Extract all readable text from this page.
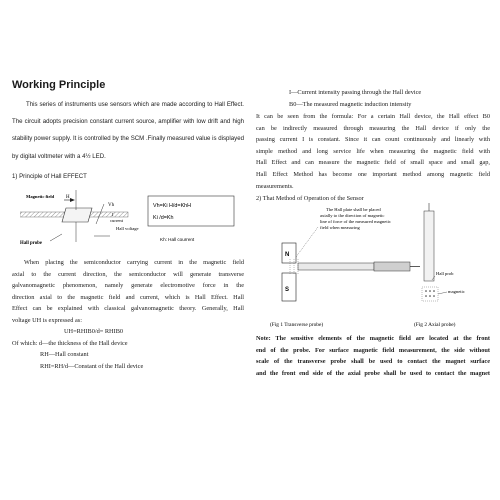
Working Principle

This series of instruments use sensors which are made according to Hall Effect.

The circuit adopts precision constant current source, amplifier with low drift and high

stability power supply. It is controlled by the SCM .Finally measured value is displayed

by digital voltmeter with a 4½ LED.

1) Principle of Hall EFFECT
Magnetic field H
Vh
current
I
Hall voltage
Hall probe
Vh=Ki H/d=KhH
Ki /d=Kh
Kh: Hall courrent

When placing the semiconductor carrying current in the magnetic field

axial to the current direction, the semiconductor will generate transverse

galvanomagnetic phenomenon, namely generate electromotive force in the

direction axial to the magnetic field and current, which is Hall Effect. Hall

Effect can be explained with classical galvanomagnetic theory. Generally, Hall

voltage UH is expressed as:

UH=RHIB0/d= RHIB0

Of which: d—the thickness of the Hall device

RH—Hall constant

RHI=RH/d—Constant of the Hall device

I—Current intensity passing through the Hall device

B0—The measured magnetic induction intensity

It can be seen from the formula: For a certain Hall device, the Hall effect B0

can be indirectly measured through measuring the Hall device if only the

passing current I is constant. Since it can count continuously and linearly with

simple method and long service life when measuring the magnetic field with

Hall Effect and can measure the magnetic field of small space and small gap,

Hall Effect Method has become one important method among magnetic field

measurements.

2) That Method of Operation of the Sensor
The Hall plate shall be placed
axially to the direction of magnetic
line of force of the measured magnetic
field when measuring
N
S
Hall prob
magnetic
(Fig 1 Transverse probe)	(Fig 2 Axial probe)

Note: The sensitive elements of the magnetic field are located at the front

end of the probe. For surface magnetic field measurement, the side without

scale of the transverse probe shall be used to contact the magnet surface

and the front end side of the axial probe shall be used to contact the magnet
